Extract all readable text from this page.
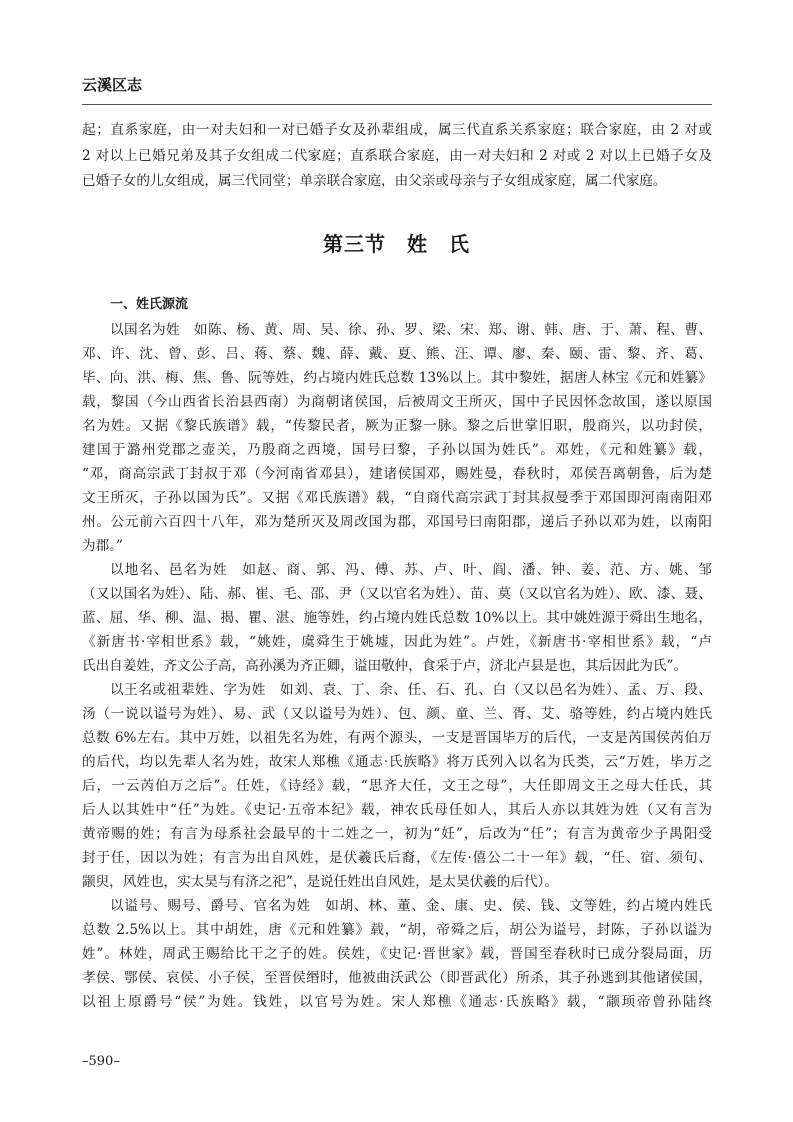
云溪区志
起；直系家庭，由一对夫妇和一对已婚子女及孙辈组成，属三代直系关系家庭；联合家庭，由 2 对或
2 对以上已婚兄弟及其子女组成二代家庭；直系联合家庭，由一对夫妇和 2 对或 2 对以上已婚子女及
已婚子女的儿女组成，属三代同堂；单亲联合家庭，由父亲或母亲与子女组成家庭，属二代家庭。
第三节　姓　氏
一、姓氏源流
以国名为姓　如陈、杨、黄、周、吴、徐、孙、罗、梁、宋、郑、谢、韩、唐、于、萧、程、曹、
邓、许、沈、曾、彭、吕、蒋、蔡、魏、薛、戴、夏、熊、汪、谭、廖、秦、颐、雷、黎、齐、葛、
毕、向、洪、梅、焦、鲁、阮等姓，约占境内姓氏总数 13%以上。其中黎姓，据唐人林宝《元和姓纂》
载，黎国（今山西省长治县西南）为商朝诸侯国，后被周文王所灭，国中子民因怀念故国，遂以原国
名为姓。又据《黎氏族谱》载，“传黎民者，厥为正黎一脉。黎之后世掌旧职，殷商兴，以功封侯，
建国于潞州党郡之壶关，乃殷商之西境，国号曰黎，子孙以国为姓氏”。邓姓，《元和姓纂》载，
“邓，商高宗武丁封叔于邓（今河南省邓县），建诸侯国邓，赐姓曼，春秋时，邓侯吾离朝鲁，后为楚
文王所灭，子孙以国为氏”。又据《邓氏族谱》载，“自商代高宗武丁封其叔曼季于邓国即河南南阳邓
州。公元前六百四十八年，邓为楚所灭及周改国为郡，邓国号曰南阳郡，递后子孙以邓为姓，以南阳
为郡。”
以地名、邑名为姓　如赵、商、郭、冯、傅、苏、卢、叶、阎、潘、钟、姜、范、方、姚、邹
（又以国名为姓）、陆、郝、崔、毛、邵、尹（又以官名为姓）、苗、莫（又以官名为姓）、欧、漆、聂、
蓝、屈、华、柳、温、揭、瞿、湛、施等姓，约占境内姓氏总数 10%以上。其中姚姓源于舜出生地名，
《新唐书·宰相世系》载，“姚姓，虞舜生于姚墟，因此为姓”。卢姓，《新唐书·宰相世系》载，“卢
氏出自姜姓，齐文公子高，高孙溪为齐正卿，谥田敬仲，食采于卢，济北卢县是也，其后因此为氏”。
以王名或祖辈姓、字为姓　如刘、袁、丁、余、任、石、孔、白（又以邑名为姓）、孟、万、段、
汤（一说以谥号为姓）、易、武（又以谥号为姓）、包、颜、童、兰、胥、艾、骆等姓，约占境内姓氏
总数 6%左右。其中万姓，以祖先名为姓，有两个源头，一支是晋国毕万的后代，一支是芮国侯芮伯万
的后代，均以先辈人名为姓，故宋人郑樵《通志·氏族略》将万氏列入以名为氏类，云“万姓，毕万之
后，一云芮伯万之后”。任姓，《诗经》载，“思齐大任，文王之母”，大任即周文王之母大任氏，其
后人以其姓中“任”为姓。《史记·五帝本纪》载，神农氏母任如人，其后人亦以其姓为姓（又有言为
黄帝赐的姓；有言为母系社会最早的十二姓之一，初为“妊”，后改为“任”；有言为黄帝少子禺阳受
封于任，因以为姓；有言为出自风姓，是伏羲氏后裔，《左传·僖公二十一年》载，“任、宿、须句、
颛臾，风姓也，实太昊与有济之祀”，是说任姓出自风姓，是太昊伏羲的后代）。
以谥号、赐号、爵号、官名为姓　如胡、林、董、金、康、史、侯、钱、文等姓，约占境内姓氏
总数 2.5%以上。其中胡姓，唐《元和姓纂》载，“胡，帝舜之后，胡公为谥号，封陈，子孙以谥为
姓”。林姓，周武王赐给比干之子的姓。侯姓，《史记·晋世家》载，晋国至春秋时已成分裂局面，历
孝侯、鄂侯、哀侯、小子侯，至晋侯缗时，他被曲沃武公（即晋武化）所杀，其子孙逃到其他诸侯国，
以祖上原爵号“侯”为姓。钱姓，以官号为姓。宋人郑樵《通志·氏族略》载，“颛顼帝曾孙陆终
–590–
